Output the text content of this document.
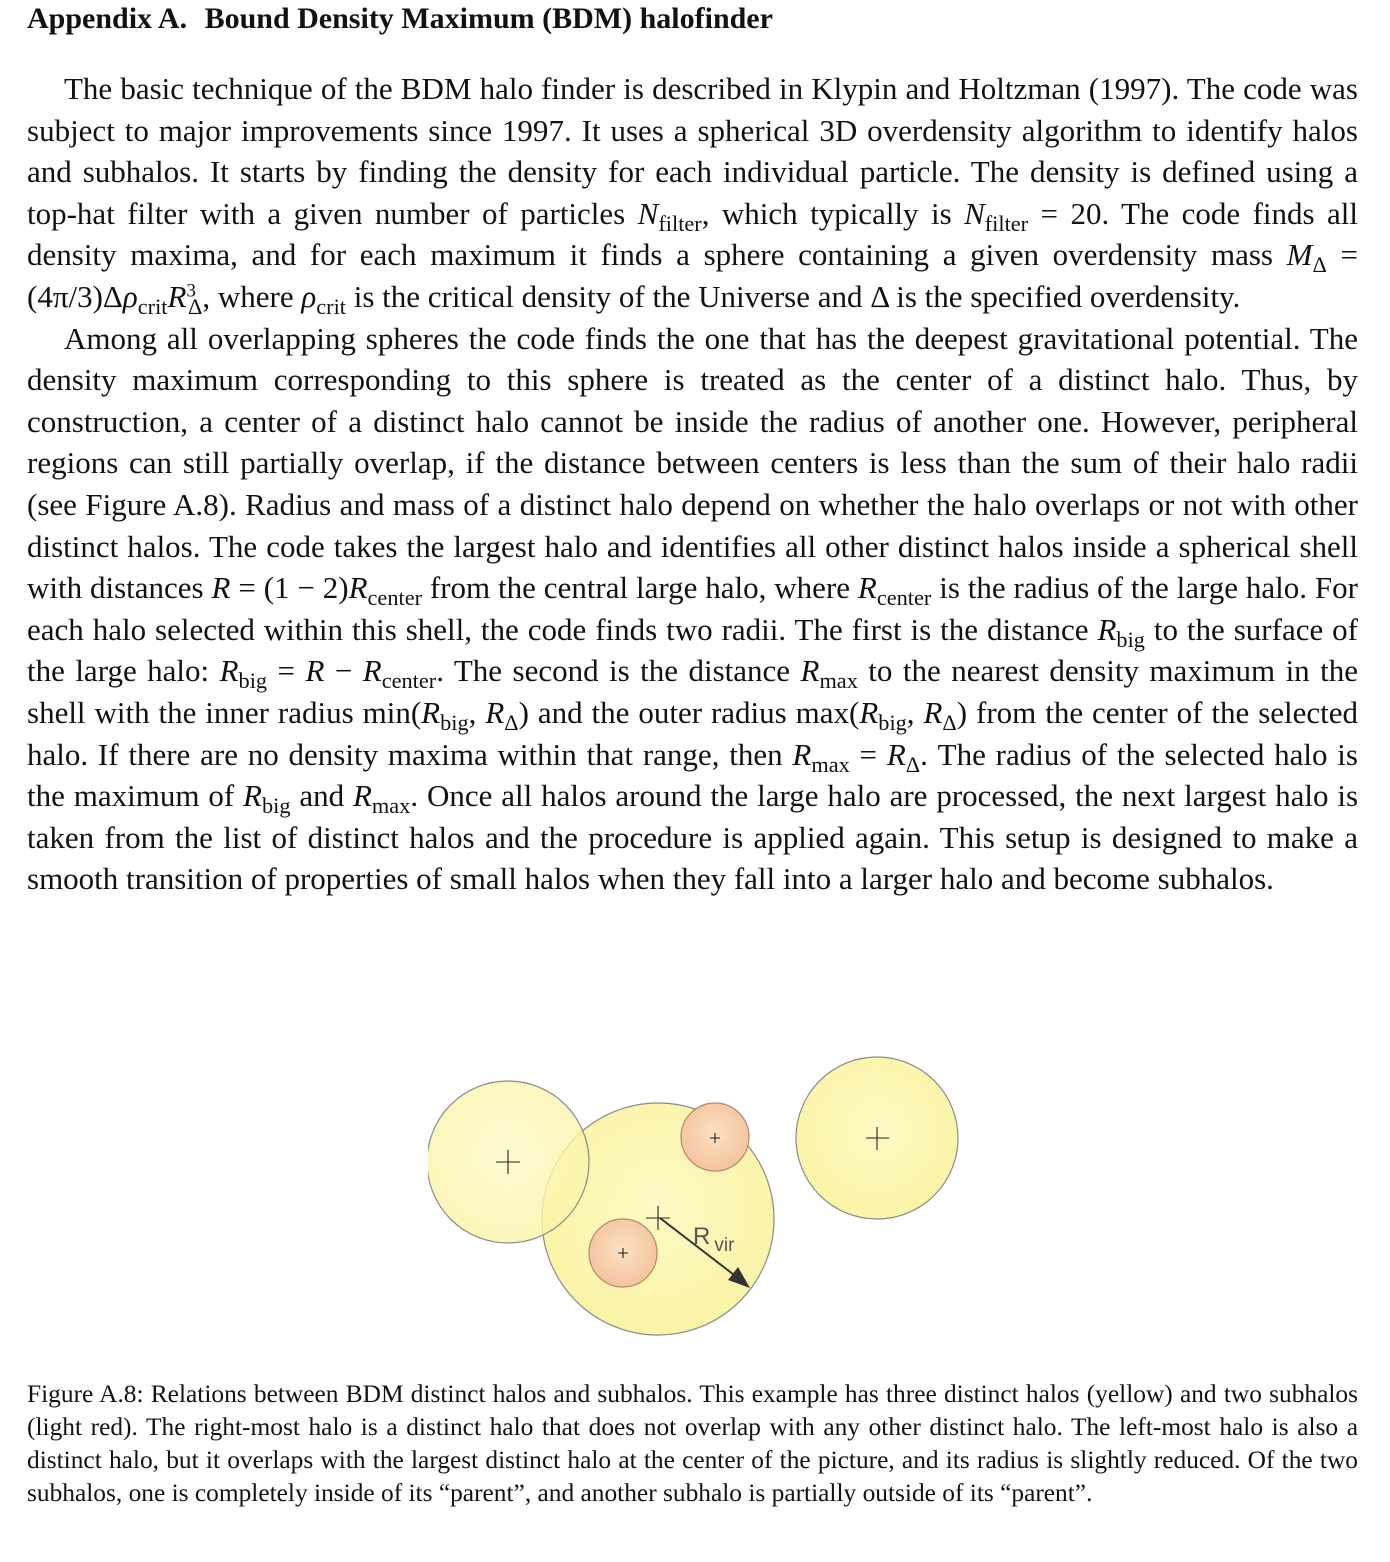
Appendix A. Bound Density Maximum (BDM) halofinder

The basic technique of the BDM halo finder is described in Klypin and Holtzman (1997). The code was subject to major improvements since 1997. It uses a spherical 3D overdensity algorithm to identify halos and subhalos. It starts by finding the density for each individual particle. The density is defined using a top-hat filter with a given number of particles $N_{filter}$, which typically is $N_{filter} = 20$. The code finds all density maxima, and for each maximum it finds a sphere containing a given overdensity mass $M_\Delta = (4\pi/3)\Delta\rho_{crit}R^3_\Delta$, where $\rho_{crit}$ is the critical density of the Universe and Δ is the specified overdensity.

Among all overlapping spheres the code finds the one that has the deepest gravitational potential. The density maximum corresponding to this sphere is treated as the center of a distinct halo. Thus, by construction, a center of a distinct halo cannot be inside the radius of another one. However, peripheral regions can still partially overlap, if the distance between centers is less than the sum of their halo radii (see Figure A.8). Radius and mass of a distinct halo depend on whether the halo overlaps or not with other distinct halos. The code takes the largest halo and identifies all other distinct halos inside a spherical shell with distances $R = (1 - 2)R_{center}$ from the central large halo, where $R_{center}$ is the radius of the large halo. For each halo selected within this shell, the code finds two radii. The first is the distance $R_{big}$ to the surface of the large halo: $R_{big} = R - R_{center}$. The second is the distance $R_{max}$ to the nearest density maximum in the shell with the inner radius $\min(R_{big}$, $R_\Delta$) and the outer radius $\max(R_{big}$, $R_\Delta$) from the center of the selected halo. If there are no density maxima within that range, then $R_{max} = R_\Delta$. The radius of the selected halo is the maximum of $R_{big}$ and $R_{max}$. Once all halos around the large halo are processed, the next largest halo is taken from the list of distinct halos and the procedure is applied again. This setup is designed to make a smooth transition of properties of small halos when they fall into a larger halo and become subhalos.

R $_{vir}$

Figure A.8: Relations between BDM distinct halos and subhalos. This example has three distinct halos (yellow) and two subhalos (light red). The right-most halo is a distinct halo that does not overlap with any other distinct halo. The left-most halo is also a distinct halo, but it overlaps with the largest distinct halo at the center of the picture, and its radius is slightly reduced. Of the two subhalos, one is completely inside of its “parent”, and another subhalo is partially outside of its “parent”.
